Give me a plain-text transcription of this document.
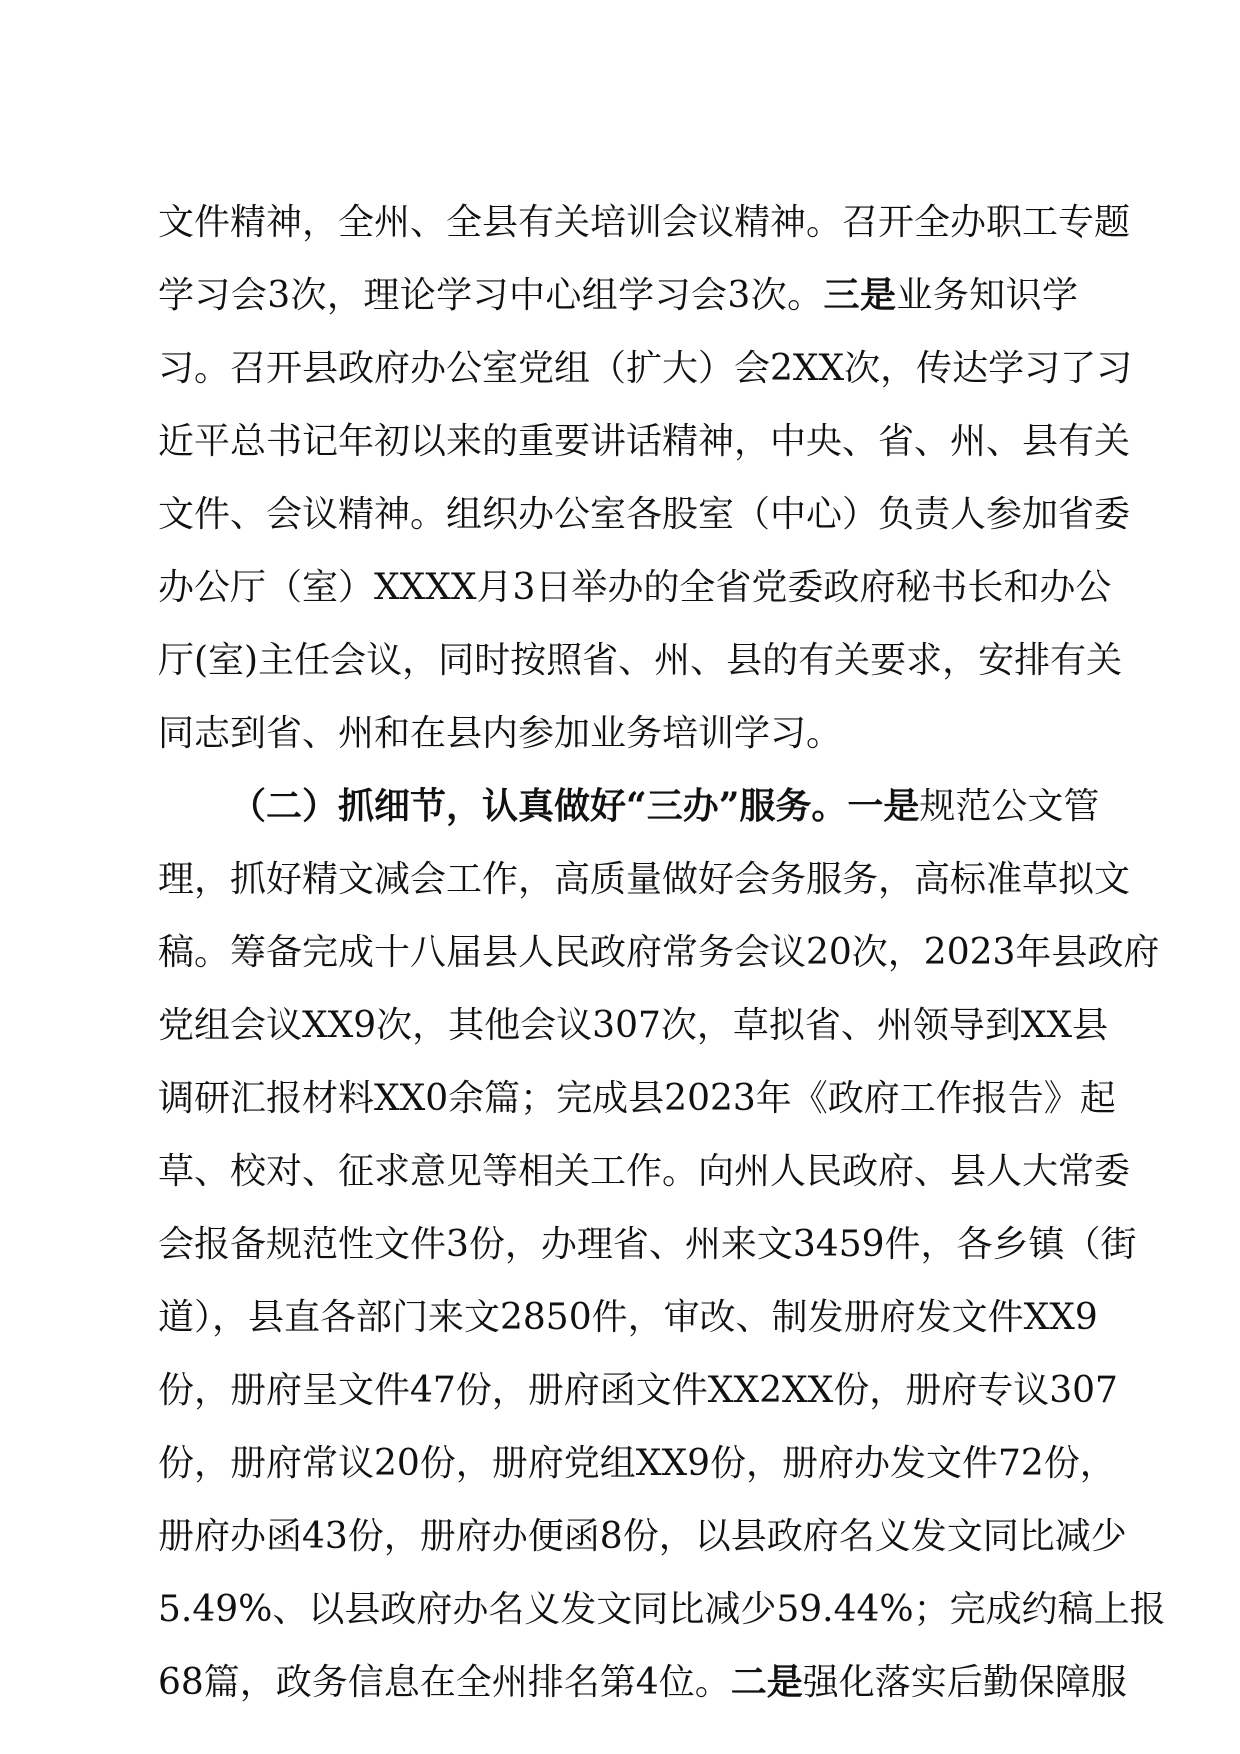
文件精神，全州、全县有关培训会议精神。召开全办职工专题
学习会3次，理论学习中心组学习会3次。三是业务知识学
习。召开县政府办公室党组（扩大）会2XX次，传达学习了习
近平总书记年初以来的重要讲话精神，中央、省、州、县有关
文件、会议精神。组织办公室各股室（中心）负责人参加省委
办公厅（室）XXXX月3日举办的全省党委政府秘书长和办公
厅(室)主任会议，同时按照省、州、县的有关要求，安排有关
同志到省、州和在县内参加业务培训学习。
（二）抓细节，认真做好“三办”服务。一是规范公文管
理，抓好精文减会工作，高质量做好会务服务，高标准草拟文
稿。筹备完成十八届县人民政府常务会议20次，2023年县政府
党组会议XX9次，其他会议307次，草拟省、州领导到XX县
调研汇报材料XX0余篇；完成县2023年《政府工作报告》起
草、校对、征求意见等相关工作。向州人民政府、县人大常委
会报备规范性文件3份，办理省、州来文3459件，各乡镇（街
道），县直各部门来文2850件，审改、制发册府发文件XX9
份，册府呈文件47份，册府函文件XX2XX份，册府专议307
份，册府常议20份，册府党组XX9份，册府办发文件72份，
册府办函43份，册府办便函8份，以县政府名义发文同比减少
5.49%、以县政府办名义发文同比减少59.44%；完成约稿上报
68篇，政务信息在全州排名第4位。二是强化落实后勤保障服
